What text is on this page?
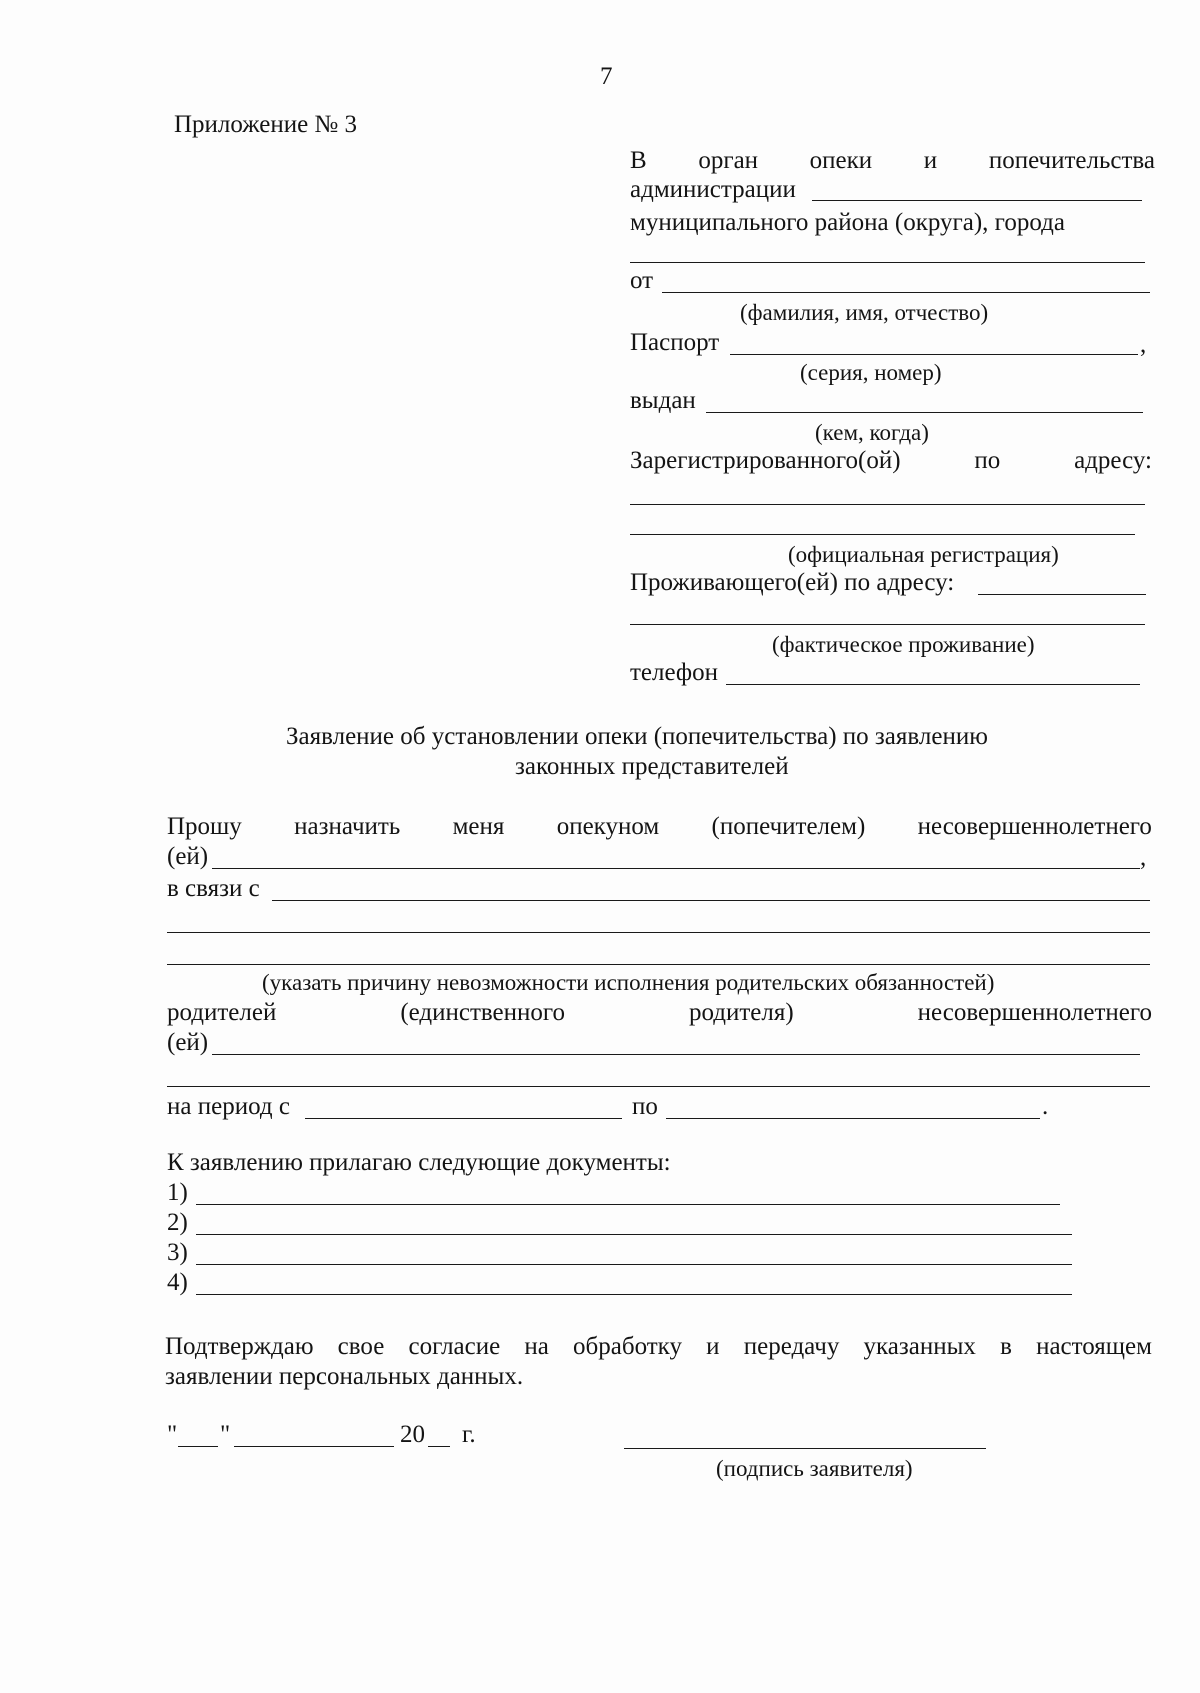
7
Приложение № 3
В орган опеки и попечительства
администрации
муниципального района (округа), города
от
(фамилия, имя, отчество)
Паспорт	,
(серия, номер)
выдан
(кем, когда)
Зарегистрированного(ой)	по	адресу:
(официальная регистрация)
Проживающего(ей) по адресу:
(фактическое проживание)
телефон
Заявление об установлении опеки (попечительства) по заявлению
законных представителей
Прошу назначить меня опекуном (попечителем) несовершеннолетнего
(ей)	,
в связи с
(указать причину невозможности исполнения родительских обязанностей)
родителей	(единственного	родителя)	несовершеннолетнего
(ей)
на период с	по	.
К заявлению прилагаю следующие документы:
1)
2)
3)
4)
Подтверждаю свое согласие на обработку и передачу указанных в настоящем
заявлении персональных данных.
" "	20 г.
(подпись заявителя)
